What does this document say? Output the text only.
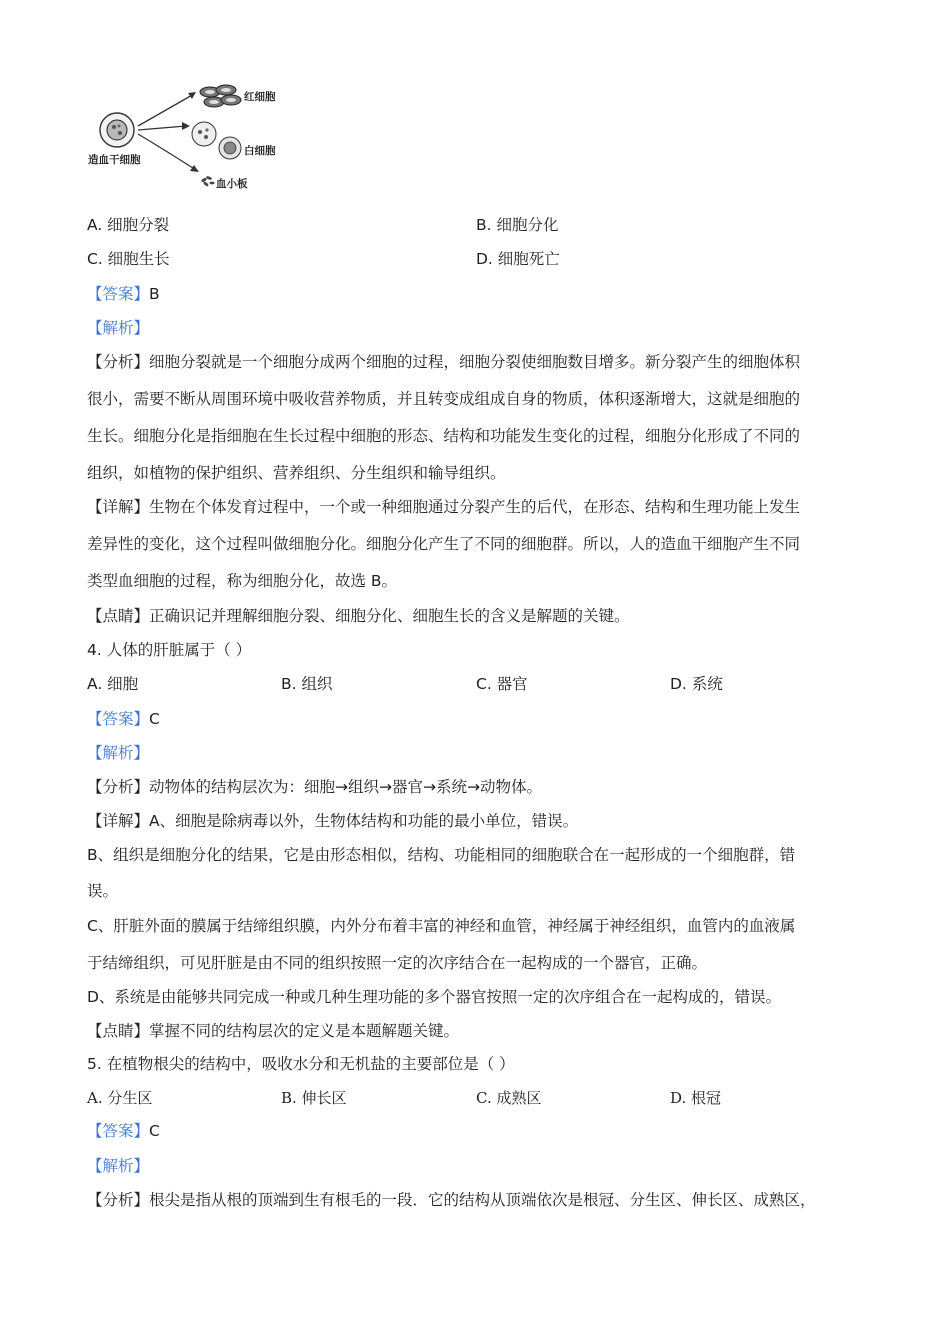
红细胞
白细胞
血小板
造血干细胞
A. 细胞分裂	B. 细胞分化
C. 细胞生长	D. 细胞死亡
【答案】B
【解析】
【分析】细胞分裂就是一个细胞分成两个细胞的过程，细胞分裂使细胞数目增多。新分裂产生的细胞体积
很小，需要不断从周围环境中吸收营养物质，并且转变成组成自身的物质，体积逐渐增大，这就是细胞的
生长。细胞分化是指细胞在生长过程中细胞的形态、结构和功能发生变化的过程，细胞分化形成了不同的
组织，如植物的保护组织、营养组织、分生组织和输导组织。
【详解】生物在个体发育过程中，一个或一种细胞通过分裂产生的后代，在形态、结构和生理功能上发生
差异性的变化，这个过程叫做细胞分化。细胞分化产生了不同的细胞群。所以，人的造血干细胞产生不同
类型血细胞的过程，称为细胞分化，故选 B。
【点睛】正确识记并理解细胞分裂、细胞分化、细胞生长的含义是解题的关键。
4. 人体的肝脏属于（ ）
A. 细胞	B. 组织	C. 器官	D. 系统
【答案】C
【解析】
【分析】动物体的结构层次为：细胞→组织→器官→系统→动物体。
【详解】A、细胞是除病毒以外，生物体结构和功能的最小单位，错误。
B、组织是细胞分化的结果，它是由形态相似，结构、功能相同的细胞联合在一起形成的一个细胞群，错
误。
C、肝脏外面的膜属于结缔组织膜，内外分布着丰富的神经和血管，神经属于神经组织，血管内的血液属
于结缔组织，可见肝脏是由不同的组织按照一定的次序结合在一起构成的一个器官，正确。
D、系统是由能够共同完成一种或几种生理功能的多个器官按照一定的次序组合在一起构成的，错误。
【点睛】掌握不同的结构层次的定义是本题解题关键。
5. 在植物根尖的结构中，吸收水分和无机盐的主要部位是（ ）
A. 分生区	B. 伸长区	C. 成熟区	D. 根冠
【答案】C
【解析】
【分析】根尖是指从根的顶端到生有根毛的一段．它的结构从顶端依次是根冠、分生区、伸长区、成熟区，
